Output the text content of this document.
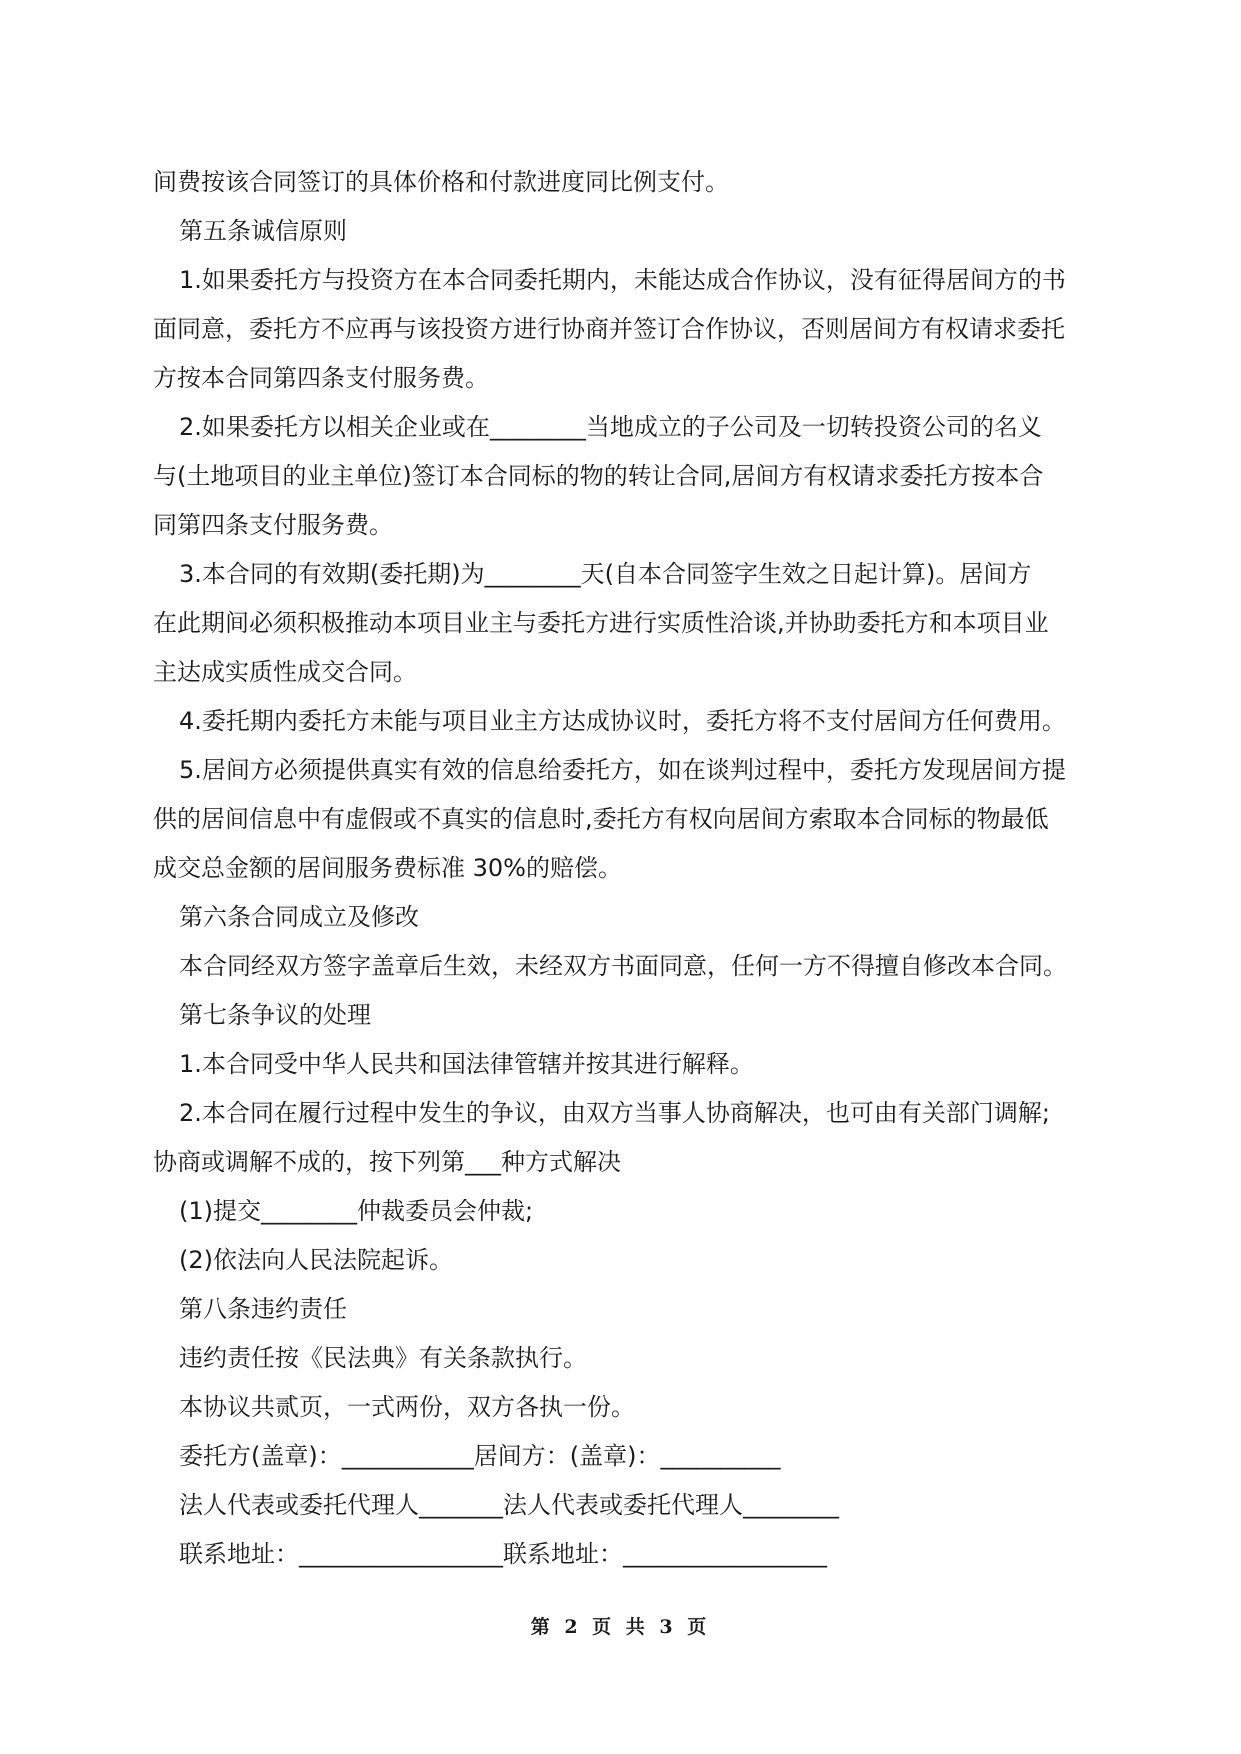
间费按该合同签订的具体价格和付款进度同比例支付。
第五条诚信原则
1.如果委托方与投资方在本合同委托期内，未能达成合作协议，没有征得居间方的书
面同意，委托方不应再与该投资方进行协商并签订合作协议，否则居间方有权请求委托
方按本合同第四条支付服务费。
2.如果委托方以相关企业或在________当地成立的子公司及一切转投资公司的名义
与(土地项目的业主单位)签订本合同标的物的转让合同,居间方有权请求委托方按本合
同第四条支付服务费。
3.本合同的有效期(委托期)为________天(自本合同签字生效之日起计算)。居间方
在此期间必须积极推动本项目业主与委托方进行实质性洽谈,并协助委托方和本项目业
主达成实质性成交合同。
4.委托期内委托方未能与项目业主方达成协议时，委托方将不支付居间方任何费用。
5.居间方必须提供真实有效的信息给委托方，如在谈判过程中，委托方发现居间方提
供的居间信息中有虚假或不真实的信息时,委托方有权向居间方索取本合同标的物最低
成交总金额的居间服务费标准 30%的赔偿。
第六条合同成立及修改
本合同经双方签字盖章后生效，未经双方书面同意，任何一方不得擅自修改本合同。
第七条争议的处理
1.本合同受中华人民共和国法律管辖并按其进行解释。
2.本合同在履行过程中发生的争议，由双方当事人协商解决，也可由有关部门调解;
协商或调解不成的，按下列第___种方式解决
(1)提交________仲裁委员会仲裁;
(2)依法向人民法院起诉。
第八条违约责任
违约责任按《民法典》有关条款执行。
本协议共贰页，一式两份，双方各执一份。
委托方(盖章)：___________居间方：(盖章)：__________
法人代表或委托代理人_______法人代表或委托代理人________
联系地址：_________________联系地址：_________________
第 2 页 共 3 页
